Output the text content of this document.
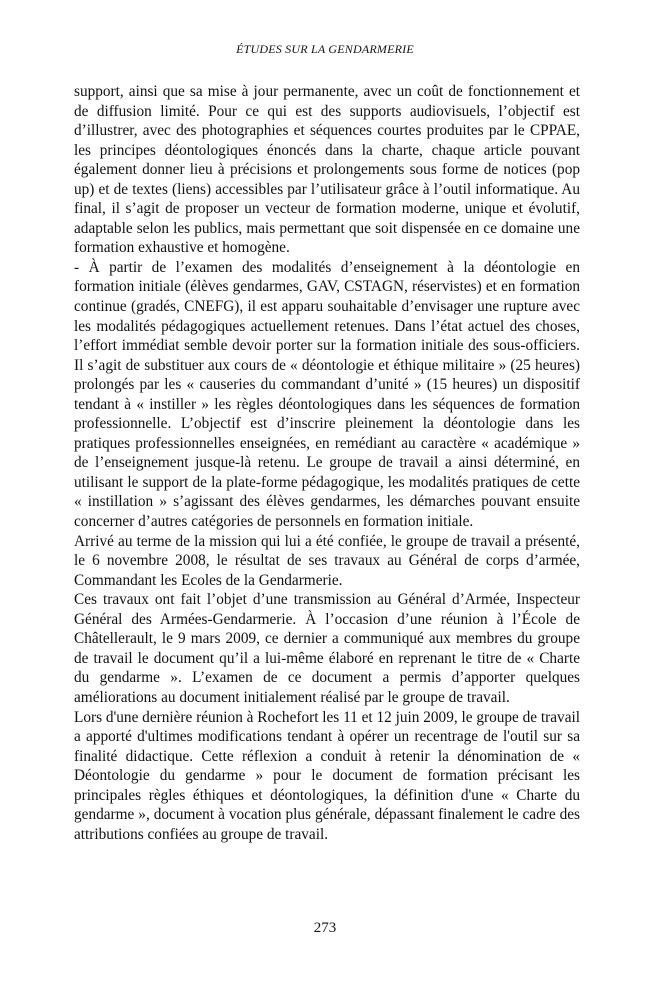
ÉTUDES SUR LA GENDARMERIE

support, ainsi que sa mise à jour permanente, avec un coût de fonctionnement et de diffusion limité. Pour ce qui est des supports audiovisuels, l’objectif est d’illustrer, avec des photographies et séquences courtes produites par le CPPAE, les principes déontologiques énoncés dans la charte, chaque article pouvant également donner lieu à précisions et prolongements sous forme de notices (pop up) et de textes (liens) accessibles par l’utilisateur grâce à l’outil informatique. Au final, il s’agit de proposer un vecteur de formation moderne, unique et évolutif, adaptable selon les publics, mais permettant que soit dispensée en ce domaine une formation exhaustive et homogène.

- À partir de l’examen des modalités d’enseignement à la déontologie en formation initiale (élèves gendarmes, GAV, CSTAGN, réservistes) et en formation continue (gradés, CNEFG), il est apparu souhaitable d’envisager une rupture avec les modalités pédagogiques actuellement retenues. Dans l’état actuel des choses, l’effort immédiat semble devoir porter sur la formation initiale des sous-officiers. Il s’agit de substituer aux cours de « déontologie et éthique militaire » (25 heures) prolongés par les « causeries du commandant d’unité » (15 heures) un dispositif tendant à « instiller » les règles déontologiques dans les séquences de formation professionnelle. L’objectif est d’inscrire pleinement la déontologie dans les pratiques professionnelles enseignées, en remédiant au caractère « académique » de l’enseignement jusque-là retenu. Le groupe de travail a ainsi déterminé, en utilisant le support de la plate-forme pédagogique, les modalités pratiques de cette « instillation » s’agissant des élèves gendarmes, les démarches pouvant ensuite concerner d’autres catégories de personnels en formation initiale.

Arrivé au terme de la mission qui lui a été confiée, le groupe de travail a présenté, le 6 novembre 2008, le résultat de ses travaux au Général de corps d’armée, Commandant les Ecoles de la Gendarmerie.

Ces travaux ont fait l’objet d’une transmission au Général d’Armée, Inspecteur Général des Armées-Gendarmerie. À l’occasion d’une réunion à l’École de Châtellerault, le 9 mars 2009, ce dernier a communiqué aux membres du groupe de travail le document qu’il a lui-même élaboré en reprenant le titre de « Charte du gendarme ». L’examen de ce document a permis d’apporter quelques améliorations au document initialement réalisé par le groupe de travail.

Lors d'une dernière réunion à Rochefort les 11 et 12 juin 2009, le groupe de travail a apporté d'ultimes modifications tendant à opérer un recentrage de l'outil sur sa finalité didactique. Cette réflexion a conduit à retenir la dénomination de « Déontologie du gendarme » pour le document de formation précisant les principales règles éthiques et déontologiques, la définition d'une « Charte du gendarme », document à vocation plus générale, dépassant finalement le cadre des attributions confiées au groupe de travail.

273
